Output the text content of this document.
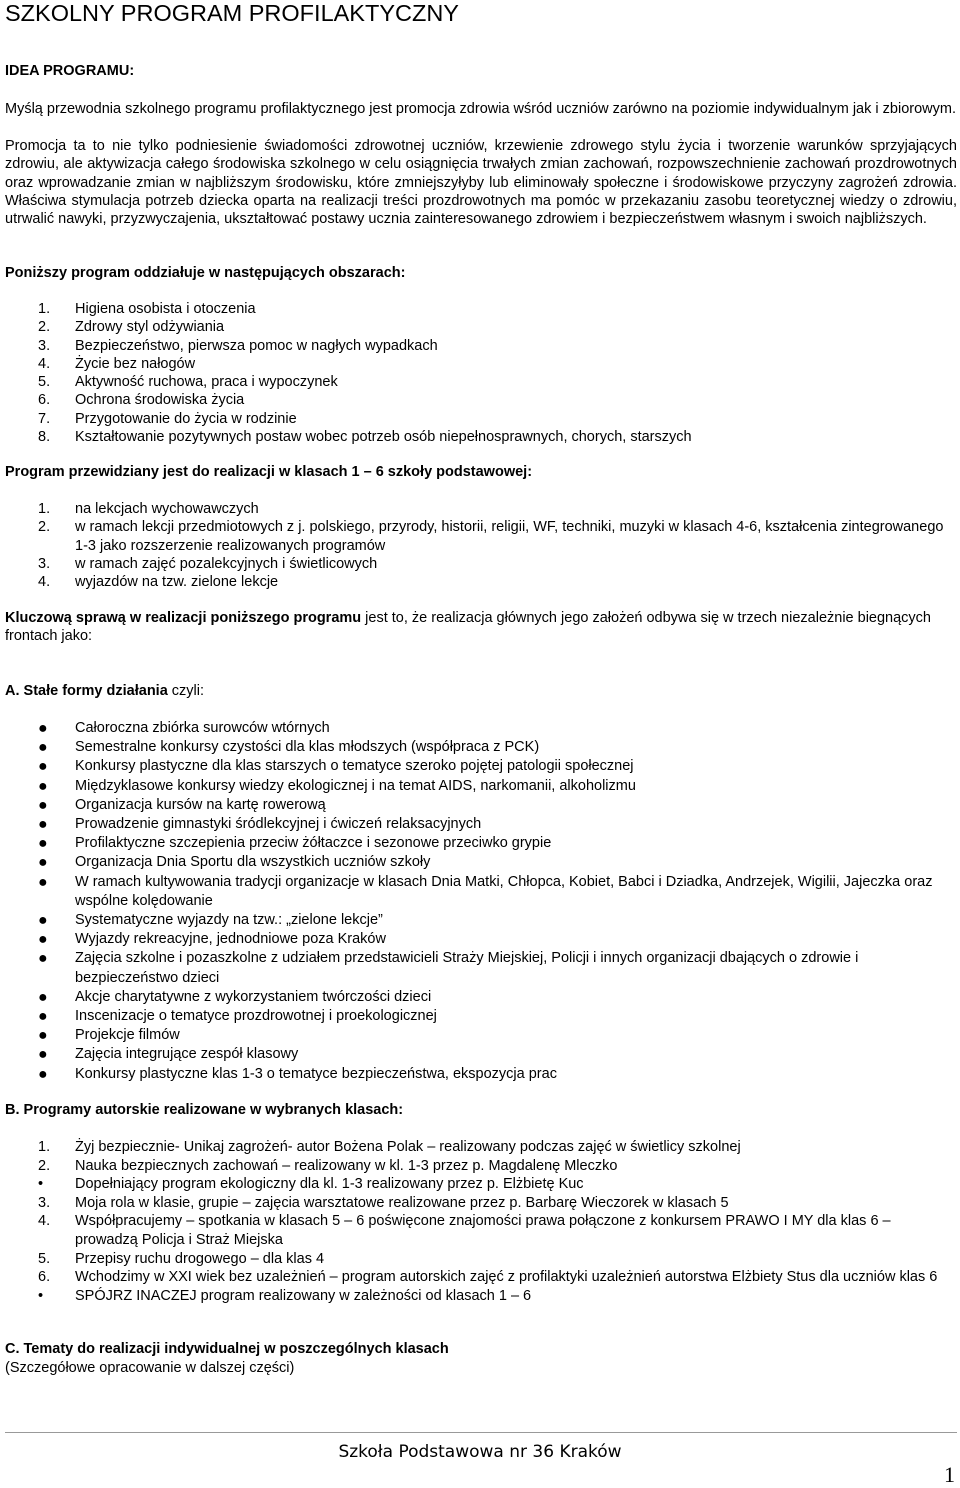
SZKOLNY PROGRAM PROFILAKTYCZNY
IDEA PROGRAMU:
Myślą przewodnia szkolnego programu profilaktycznego jest promocja zdrowia wśród uczniów zarówno na poziomie indywidualnym jak i zbiorowym.
Promocja ta to nie tylko podniesienie świadomości zdrowotnej uczniów, krzewienie zdrowego stylu życia i tworzenie warunków sprzyjających zdrowiu, ale aktywizacja całego środowiska szkolnego w celu osiągnięcia trwałych zmian zachowań, rozpowszechnienie zachowań prozdrowotnych oraz wprowadzanie zmian w najbliższym środowisku, które zmniejszyłyby lub eliminowały społeczne i środowiskowe przyczyny zagrożeń zdrowia. Właściwa stymulacja potrzeb dziecka oparta na realizacji treści prozdrowotnych ma pomóc w przekazaniu zasobu teoretycznej wiedzy o zdrowiu, utrwalić nawyki, przyzwyczajenia, ukształtować postawy ucznia zainteresowanego zdrowiem i bezpieczeństwem własnym i swoich najbliższych.
Poniższy program oddziałuje w następujących obszarach:
1. Higiena osobista i otoczenia
2. Zdrowy styl odżywiania
3. Bezpieczeństwo, pierwsza pomoc w nagłych wypadkach
4. Życie bez nałogów
5. Aktywność ruchowa, praca i wypoczynek
6. Ochrona środowiska życia
7. Przygotowanie do życia w rodzinie
8. Kształtowanie pozytywnych postaw wobec potrzeb osób niepełnosprawnych, chorych, starszych
Program przewidziany jest do realizacji w klasach 1 – 6 szkoły podstawowej:
1. na lekcjach wychowawczych
2. w ramach lekcji przedmiotowych z j. polskiego, przyrody, historii, religii, WF, techniki, muzyki w klasach 4-6, kształcenia zintegrowanego 1-3 jako rozszerzenie realizowanych programów
3. w ramach zajęć pozalekcyjnych i świetlicowych
4. wyjazdów na tzw. zielone lekcje
Kluczową sprawą w realizacji poniższego programu jest to, że realizacja głównych jego założeń odbywa się w trzech niezależnie biegnących frontach jako:
A. Stałe formy działania czyli:
● Całoroczna zbiórka surowców wtórnych
● Semestralne konkursy czystości dla klas młodszych (współpraca z PCK)
● Konkursy plastyczne dla klas starszych o tematyce szeroko pojętej patologii społecznej
● Międzyklasowe konkursy wiedzy ekologicznej i na temat AIDS, narkomanii, alkoholizmu
● Organizacja kursów na kartę rowerową
● Prowadzenie gimnastyki śródlekcyjnej i ćwiczeń relaksacyjnych
● Profilaktyczne szczepienia przeciw żółtaczce i sezonowe przeciwko grypie
● Organizacja Dnia Sportu dla wszystkich uczniów szkoły
● W ramach kultywowania tradycji organizacje w klasach Dnia Matki, Chłopca, Kobiet, Babci i Dziadka, Andrzejek, Wigilii, Jajeczka oraz wspólne kolędowanie
● Systematyczne wyjazdy na tzw.: „zielone lekcje”
● Wyjazdy rekreacyjne, jednodniowe poza Kraków
● Zajęcia szkolne i pozaszkolne z udziałem przedstawicieli Straży Miejskiej, Policji i innych organizacji dbających o zdrowie i bezpieczeństwo dzieci
● Akcje charytatywne z wykorzystaniem twórczości dzieci
● Inscenizacje o tematyce prozdrowotnej i proekologicznej
● Projekcje filmów
● Zajęcia integrujące zespół klasowy
● Konkursy plastyczne klas 1-3 o tematyce bezpieczeństwa, ekspozycja prac
B. Programy autorskie realizowane w wybranych klasach:
1. Żyj bezpiecznie- Unikaj zagrożeń- autor Bożena Polak – realizowany podczas zajęć w świetlicy szkolnej
2. Nauka bezpiecznych zachowań – realizowany w kl. 1-3 przez p. Magdalenę Mleczko
• Dopełniający program ekologiczny dla kl. 1-3 realizowany przez p. Elżbietę Kuc
3. Moja rola w klasie, grupie – zajęcia warsztatowe realizowane przez p. Barbarę Wieczorek w klasach 5
4. Współpracujemy – spotkania w klasach 5 – 6 poświęcone znajomości prawa połączone z konkursem PRAWO I MY dla klas 6 – prowadzą Policja i Straż Miejska
5. Przepisy ruchu drogowego – dla klas 4
6. Wchodzimy w XXI wiek bez uzależnień – program autorskich zajęć z profilaktyki uzależnień autorstwa Elżbiety Stus dla uczniów klas 6
• SPÓJRZ INACZEJ program realizowany w zależności od klasach 1 – 6
C. Tematy do realizacji indywidualnej w poszczególnych klasach
(Szczegółowe opracowanie w dalszej części)
Szkoła Podstawowa nr 36 Kraków
1
